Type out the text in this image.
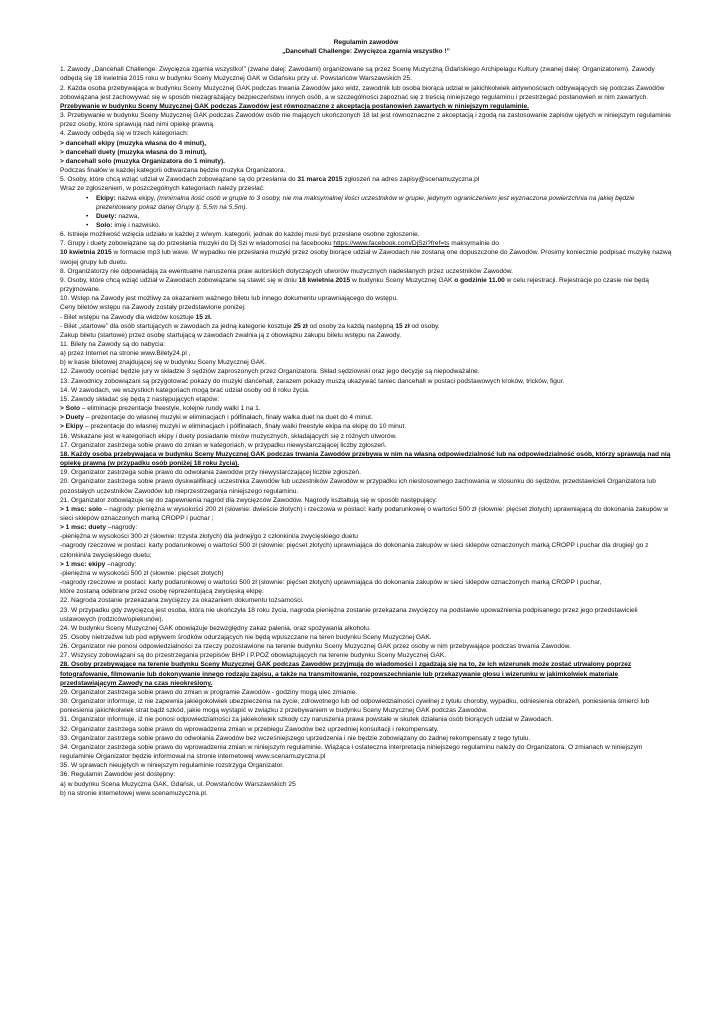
Regulamin zawodów
„Dancehall Challenge: Zwycięzca zgarnia wszystko !”

1. Zawody „Dancehall Challenge: Zwycięzca zgarnia wszystko!” (zwane dalej: Zawodami) organizowane są przez Scenę Muzyczną Gdańskiego Archipelagu Kultury (zwanej dalej: Organizatorem). Zawody odbędą się 18 kwietnia 2015 roku w budynku Sceny Muzycznej GAK w Gdańsku przy ul. Powstańców Warszawskich 25.

2. Każda osoba przebywająca w budynku Sceny Muzycznej GAK podczas trwania Zawodów jako widz, zawodnik lub osoba biorąca udział w jakichkolwiek aktywnościach odbywających się podczas Zawodów zobowiązana jest zachowywać się w sposób niezagrażający bezpieczeństwu innych osób, a w szczególności zapoznać się z treścią niniejszego regulaminu i przestrzegać postanowień w nim zawartych. Przebywanie w budynku Sceny Muzycznej GAK podczas Zawodów jest równoznaczne z akceptacją postanowień zawartych w niniejszym regulaminie.

3. Przebywanie w budynku Sceny Muzycznej GAK podczas Zawodów osób nie mających ukończonych 18 lat jest równoznaczne z akceptacją i zgodą na zastosowanie zapisów ujętych w niniejszym regulaminie przez osoby, które sprawują nad nimi opiekę prawną.

4. Zawody odbędą się w trzech kategoriach:

> dancehall ekipy (muzyka własna do 4 minut),

> dancehall duety (muzyka własna do 3 minut),

> dancehall solo (muzyka Organizatora do 1 minuty).

Podczas finałów w każdej kategorii odtwarzana będzie muzyka Organizatora.

5. Osoby, które chcą wziąć udział w Zawodach zobowiązane są do przesłania do 31 marca 2015 zgłoszeń na adres zapisy@scenamuzyczna.pl

Wraz ze zgłoszeniem, w poszczególnych kategoriach należy przesłać:

• Ekipy: nazwa ekipy, (minimalna ilość osób w grupie to 3 osoby, nie ma maksymalnej ilości uczestników w grupie, jedynym ograniczeniem jest wyznaczona powierzchnia na jakiej będzie prezentowany pokaz danej Grupy tj. 5,5m na 5,5m).
• Duety: nazwa,
• Solo: imię i nazwisko.

6. Istnieje możliwość wzięcia udziału w każdej z w/wym. kategorii, jednak do każdej musi być przesłane osobne zgłoszenie.

7. Grupy i duety zobowiązane są do przesłania muzyki do Dj Szi w wiadomości na facebooku https://www.facebook.com/DjSzi?fref=ts maksymalnie do
10 kwietnia 2015 w formacie mp3 lub wave. W wypadku nie przesłania muzyki przez osoby biorące udział w Zawodach nie zostaną one dopuszczone do Zawodów. Prosimy koniecznie podpisać muzykę nazwą swojej grupy lub duetu.

8. Organizatorzy nie odpowiadają za ewentualne naruszenia praw autorskich dotyczących utworów muzycznych nadesłanych przez uczestników Zawodów.

9. Osoby, które chcą wziąć udział w Zawodach zobowiązane są stawić się w dniu 18 kwietnia 2015 w budynku Sceny Muzycznej GAK o godzinie 11.00 w celu rejestracji. Rejestracje po czasie nie będą przyjmowane.

10. Wstęp na Zawody jest możliwy za okazaniem ważnego biletu lub innego dokumentu uprawniającego do wstępu.

Ceny biletów wstępu na Zawody zostały przedstawione poniżej:

- Bilet wstępu na Zawody dla widzów kosztuje 15 zł.

- Bilet „startowe” dla osób startujących w zawodach za jedną kategorie kosztuje 25 zł od osoby za każdą następną 15 zł od osoby.

Zakup biletu (startowe) przez osobę startującą w zawodach zwalnia ją z obowiązku zakupu biletu wstępu na Zawody.

11. Bilety na Zawody są do nabycia:

a) przez Internet na stronie www.Bilety24.pl ,

b) w kasie biletowej znajdującej się w budynku Sceny Muzycznej GAK.

12. Zawody oceniać będzie jury w składzie 3 sędziów zaproszonych przez Organizatora. Skład sędziowski oraz jego decyzje są niepodważalne.

13. Zawodnicy zobowiązani są przygotować pokazy do muzyki dancehall, zarazem pokazy muszą ukazywać taniec dancehall w postaci podstawowych kroków, tricków, figur.

14. W zawodach, we wszystkich kategoriach mogą brać udział osoby od 8 roku życia.

15. Zawody składać się będą z następujących etapów:

> Solo – eliminacje prezentacje freestyle, kolejne rundy walki 1 na 1.

> Duety – prezentacje do własnej muzyki w eliminacjach i półfinałach, finały walka duet na duet do 4 minut.

> Ekipy – prezentacje do własnej muzyki w eliminacjach i półfinałach, finały walki freestyle ekipa na ekipę do 10 minut.

16. Wskazane jest w kategoriach ekipy i duety posiadanie mixów muzycznych, składających się z różnych utworów.

17. Organizator zastrzega sobie prawo do zmian w kategoriach, w przypadku niewystarczającej liczby zgłoszeń.

18. Każdy osoba przebywająca w budynku Sceny Muzycznej GAK podczas trwania Zawodów przebywa w nim na własną odpowiedzialność lub na odpowiedzialność osób, którzy sprawują nad nią opiekę prawną (w przypadku osób poniżej 18 roku życia).

19. Organizator zastrzega sobie prawo do odwołania zawodów przy niewystarczającej liczbie zgłoszeń.

20. Organizator zastrzega sobie prawo dyskwalifikacji uczestnika Zawodów lub uczestników Zawodów w przypadku ich niestosownego zachowania w stosunku do sędziów, przedstawicieli Organizatora lub pozostałych uczestników Zawodów lub nieprzestrzegania niniejszego regulaminu.

21. Organizator zobowiązuje się do zapewnienia nagród dla zwycięzców Zawodów. Nagrody kształtują się w sposób następujący:

> 1 msc: solo – nagrody: pieniężna w wysokości 200 zł (słownie: dwieście złotych) i rzeczowa w postaci: karty podarunkowej o wartości 500 zł (słownie: pięćset złotych) uprawniającą do dokonania zakupów w sieci sklepów oznaczonych marką CROPP i puchar ;

> 1 msc: duety –nagrody:

-pieniężna w wysokości 300 zł (słownie: trzysta złotych) dla jednej/go z członkini/a zwycięskiego duetu

-nagrody rzeczowe w postaci: karty podarunkowej o wartości 500 zł (słownie: pięćset złotych) uprawniająca do dokonania zakupów w sieci sklepów oznaczonych marką CROPP i puchar dla drugiej/ go z członkini/a zwycięskiego duetu;

> 1 msc: ekipy –nagrody:

-pieniężna w wysokości 500 zł (słownie: pięćset złotych)

-nagrody rzeczowe w postaci: karty podarunkowej o wartości 500 zł (słownie: pięćset złotych) uprawniająca do dokonania zakupów w sieci sklepów oznaczonych marką CROPP i puchar,

które zostaną odebrane przez osobę reprezentującą zwycięską ekipę.

22. Nagroda zostanie przekazana zwycięzcy za okazaniem dokumentu tożsamości.

23. W przypadku gdy zwycięzcą jest osoba, która nie ukończyła 18 roku życia, nagroda pieniężna zostanie przekazana zwycięzcy na podstawie upoważnienia podpisanego przez jego przedstawicieli ustawowych (rodziców/opiekunów).

24. W budynku Sceny Muzycznej GAK obowiązuje bezwzględny zakaz palenia, oraz spożywania alkoholu.

25. Osoby nietrzeźwe lub pod wpływem środków odurzających nie będą wpuszczane na teren budynku Sceny Muzycznej GAK.

26. Organizator nie ponosi odpowiedzialności za rzeczy pozostawione na terenie budynku Sceny Muzycznej GAK przez osoby w nim przebywające podczas trwania Zawodów.

27. Wszyscy zobowiązani są do przestrzegania przepisów BHP i P.POŻ obowiązujących na terenie budynku Sceny Muzycznej GAK.

28. Osoby przebywające na terenie budynku Sceny Muzycznej GAK podczas Zawodów przyjmują do wiadomości i zgadzają się na to, że ich wizerunek może zostać utrwalony poprzez fotografowanie, filmowanie lub dokonywanie innego rodzaju zapisu, a także na transmitowanie, rozpowszechnianie lub przekazywanie głosu i wizerunku w jakimkolwiek materiale przedstawiającym Zawody na czas nieokreślony.

29. Organizator zastrzega sobie prawo do zmian w programie Zawodów - godziny mogą ulec zmianie.

30. Organizator informuje, iż nie zapewnia jakiegokolwiek ubezpieczenia na życie, zdrowotnego lub od odpowiedzialności cywilnej z tytułu choroby, wypadku, odniesienia obrażeń, poniesienia śmierci lub poniesienia jakichkolwiek strat bądź szkód, jakie mogą wystąpić w związku z przebywaniem w budynku Sceny Muzycznej GAK podczas Zawodów.

31. Organizator informuje, iż nie ponosi odpowiedzialności za jakiekolwiek szkody czy naruszenia prawa powstałe w skutek działania osób biorących udział w Zawodach.

32. Organizator zastrzega sobie prawo do wprowadzenia zmian w przebiegu Zawodów bez uprzedniej konsultacji i rekompensaty.

33. Organizator zastrzega sobie prawo do odwołania Zawodów bez wcześniejszego uprzedzenia i nie będzie zobowiązany do żadnej rekompensaty z tego tytułu.

34. Organizator zastrzega sobie prawo do wprowadzenia zmian w niniejszym regulaminie. Wiążąca i ostateczna interpretacja niniejszego regulaminu należy do Organizatora. O zmianach w niniejszym regulaminie Organizator będzie informował na stronie internetowej www.scenamuzyczna.pl

35. W sprawach nieujętych w niniejszym regulaminie rozstrzyga Organizator.

36. Regulamin Zawodów jest dostępny:

a) w budynku Scena Muzyczna GAK, Gdańsk, ul. Powstańców Warszawskich 25

b) na stronie internetowej www.scenamuzyczna.pl.
